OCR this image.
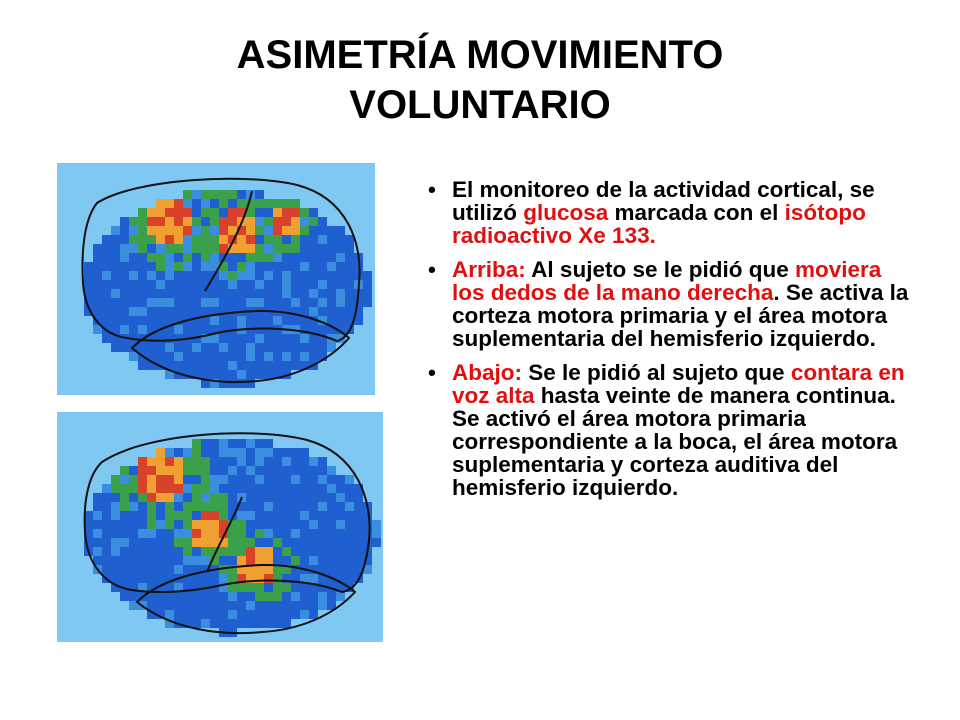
ASIMETRÍA MOVIMIENTO
VOLUNTARIO
• El monitoreo de la actividad cortical, se utilizó glucosa marcada con el isótopo radioactivo Xe 133.
• Arriba: Al sujeto se le pidió que moviera los dedos de la mano derecha. Se activa la corteza motora primaria y el área motora suplementaria del hemisferio izquierdo.
• Abajo: Se le pidió al sujeto que contara en voz alta hasta veinte de manera continua. Se activó el área motora primaria correspondiente a la boca, el área motora suplementaria y corteza auditiva del hemisferio izquierdo.
